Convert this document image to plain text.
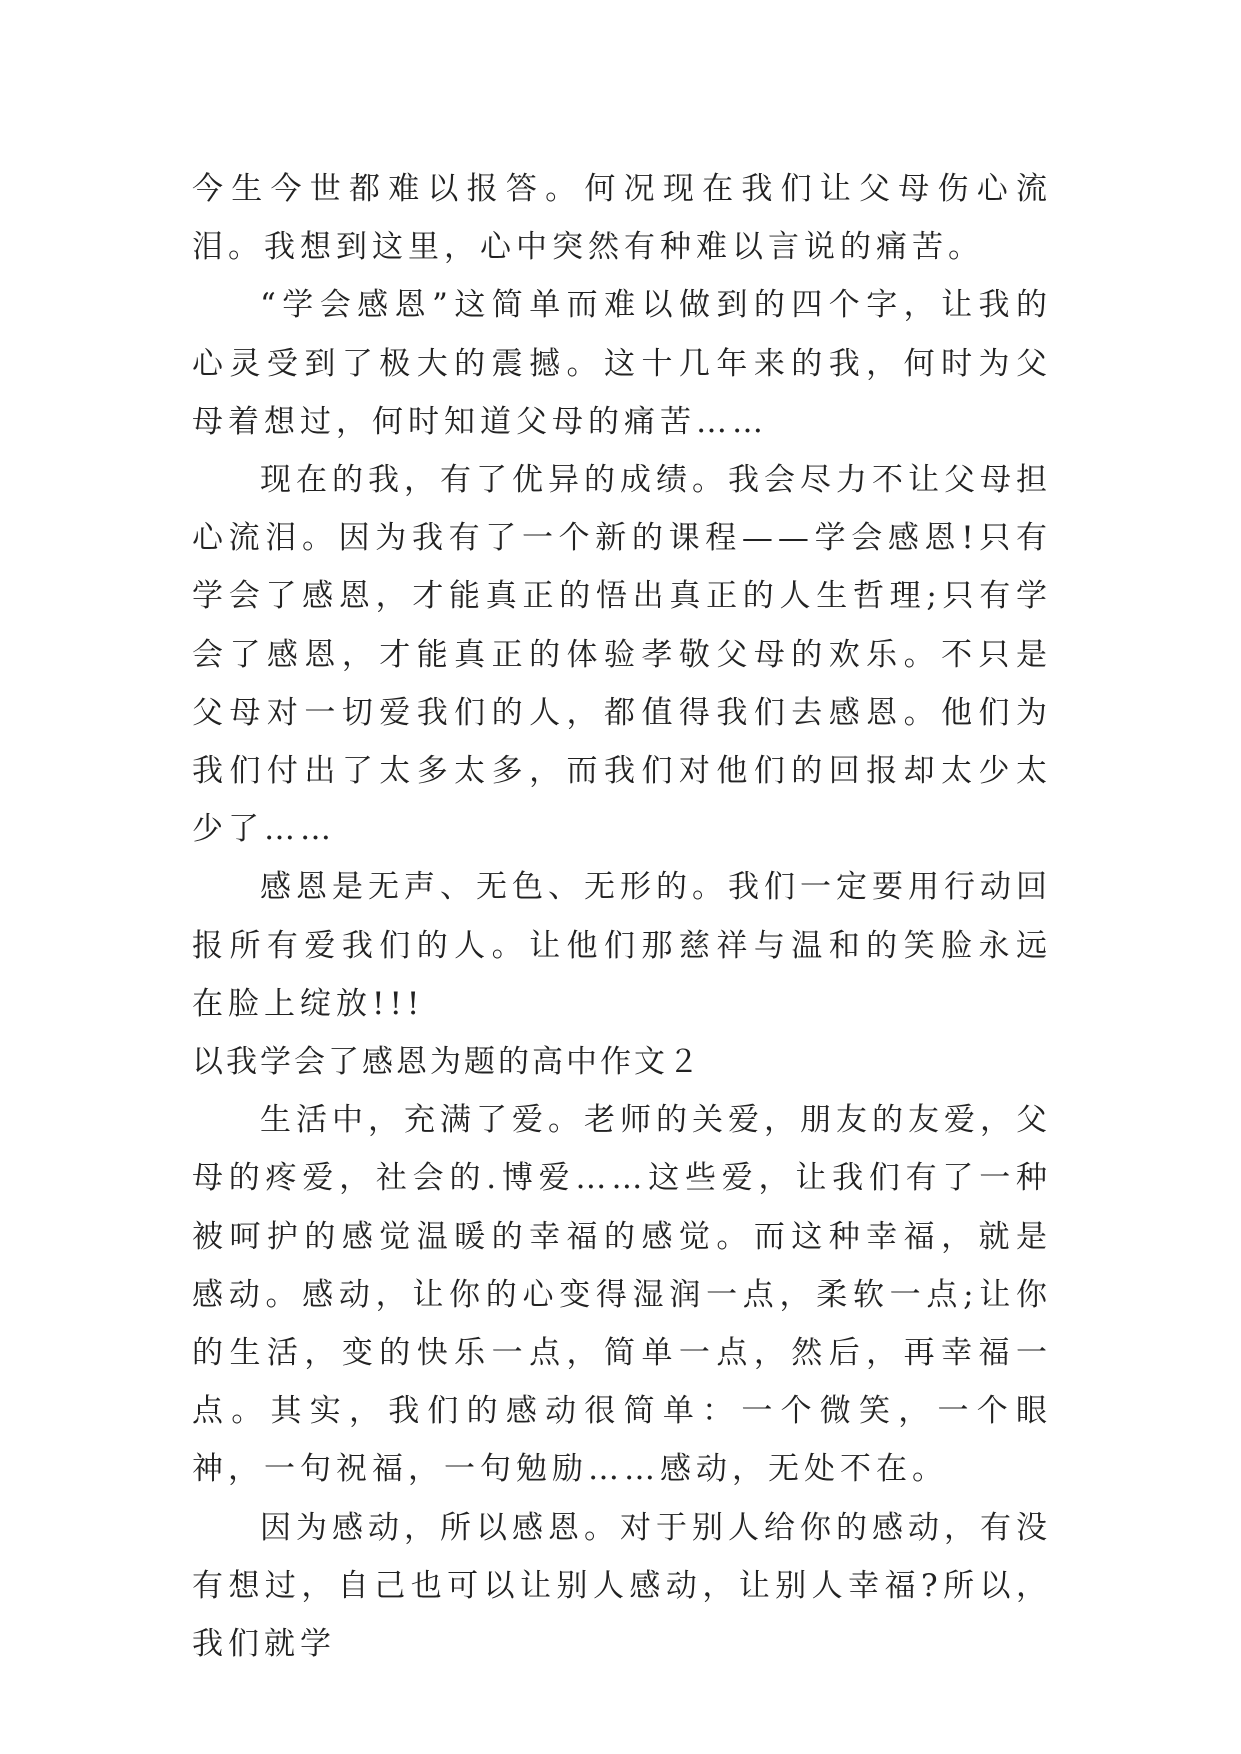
今生今世都难以报答。何况现在我们让父母伤心流泪。我想到这里，心中突然有种难以言说的痛苦。

“学会感恩”这简单而难以做到的四个字，让我的心灵受到了极大的震撼。这十几年来的我，何时为父母着想过，何时知道父母的痛苦……

现在的我，有了优异的成绩。我会尽力不让父母担心流泪。因为我有了一个新的课程——学会感恩!只有学会了感恩，才能真正的悟出真正的人生哲理;只有学会了感恩，才能真正的体验孝敬父母的欢乐。不只是父母对一切爱我们的人，都值得我们去感恩。他们为我们付出了太多太多，而我们对他们的回报却太少太少了……

感恩是无声、无色、无形的。我们一定要用行动回报所有爱我们的人。让他们那慈祥与温和的笑脸永远在脸上绽放!!!

以我学会了感恩为题的高中作文２

生活中，充满了爱。老师的关爱，朋友的友爱，父母的疼爱，社会的.博爱……这些爱，让我们有了一种被呵护的感觉温暖的幸福的感觉。而这种幸福，就是感动。感动，让你的心变得湿润一点，柔软一点;让你的生活，变的快乐一点，简单一点，然后，再幸福一点。其实，我们的感动很简单：一个微笑，一个眼神，一句祝福，一句勉励……感动，无处不在。

因为感动，所以感恩。对于别人给你的感动，有没有想过，自己也可以让别人感动，让别人幸福?所以，我们就学
